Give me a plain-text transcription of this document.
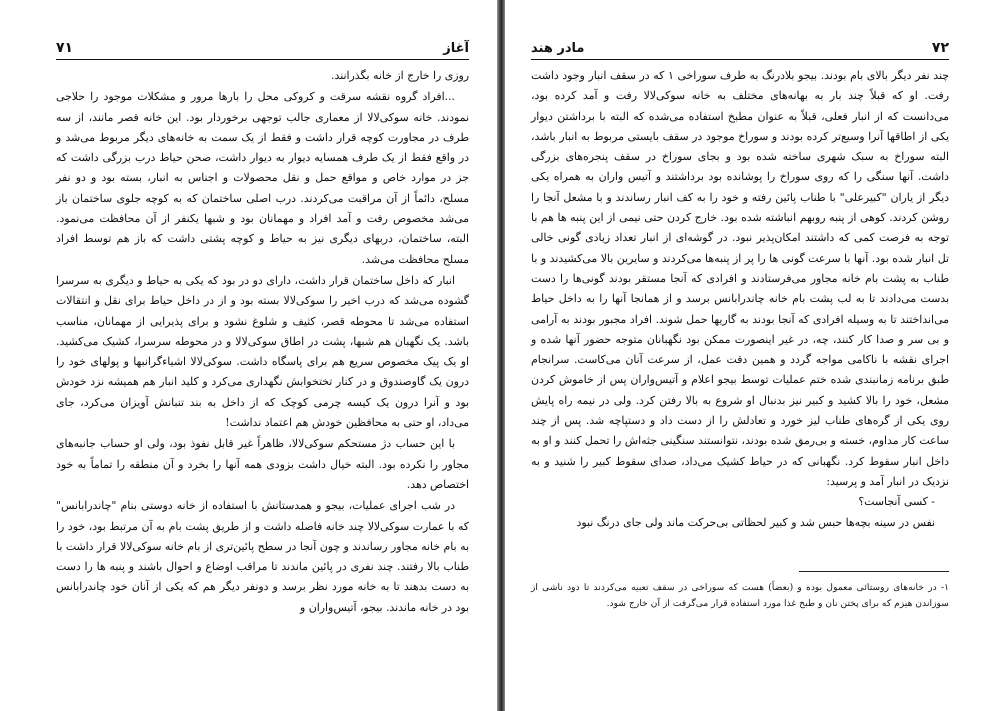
آغاز
۷۱

روزی را خارج از خانه بگذرانند.

...افراد گروه نقشه سرقت و کروکی محل را بارها مرور و مشکلات موجود را حلاجی نمودند. خانه سوکی‌لالا از معماری جالب توجهی برخوردار بود. این خانه قصر مانند، از سه طرف در مجاورت کوچه قرار داشت و فقط از یک سمت به خانه‌های دیگر مربوط می‌شد و در واقع فقط از یک طرف همسایه دیوار به دیوار داشت، صحن حیاط درب بزرگی داشت که جز در موارد خاص و مواقع حمل و نقل محصولات و اجناس به انبار، بسته بود و دو نفر مسلح، دائماً از آن مراقبت می‌کردند. درب اصلی ساختمان که به کوچه جلوی ساختمان باز می‌شد مخصوص رفت و آمد افراد و مهمانان بود و شبها یکنفر از آن محافظت می‌نمود. البته، ساختمان، دربهای دیگری نیز به حیاط و کوچه پشتی داشت که باز هم توسط افراد مسلح محافظت می‌شد.

انبار که داخل ساختمان قرار داشت، دارای دو در بود که یکی به حیاط و دیگری به سرسرا گشوده می‌شد که درب اخیر را سوکی‌لالا بسته بود و از در داخل حیاط برای نقل و انتقالات استفاده می‌شد تا محوطه قصر، کثیف و شلوغ نشود و برای پذیرایی از مهمانان، مناسب باشد. یک نگهبان هم شبها، پشت در اطاق سوکی‌لالا و در محوطه سرسرا، کشیک می‌کشید. او یک پیک مخصوص سریع هم برای پاسگاه داشت. سوکی‌لالا اشیاءگرانبها و پولهای خود را درون یک گاوصندوق و در کنار تختخوابش نگهداری می‌کرد و کلید انبار هم همیشه نزد خودش بود و آنرا درون یک کیسه چرمی کوچک که از داخل به بند تنبانش آویزان می‌کرد، جای می‌داد، او حتی به محافظین خودش هم اعتماد نداشت!

با این حساب دژ مستحکم سوکی‌لالا، ظاهراً غیر قابل نفوذ بود، ولی او حساب جانبه‌های مجاور را نکرده بود. البته خیال داشت بزودی همه آنها را بخرد و آن منطقه را تماماً به خود اختصاص دهد.

در شب اجرای عملیات، بیجو و همدستانش با استفاده از خانه دوستی بنام "چاندرابانس" که با عمارت سوکی‌لالا چند خانه فاصله داشت و از طریق پشت بام به آن مرتبط بود، خود را به بام خانه مجاور رساندند و چون آنجا در سطح پائین‌تری از بام خانه سوکی‌لالا قرار داشت با طناب بالا رفتند. چند نفری در پائین ماندند تا مراقب اوضاع و احوال باشند و پنبه ها را دست به دست بدهند تا به خانه مورد نظر برسد و دونفر دیگر هم که یکی از آنان خود چاندرابانس بود در خانه ماندند. بیجو، آتیس‌واران و

۷۲
مادر هند

چند نفر دیگر بالای بام بودند. بیجو بلادرنگ به طرف سوراخی ۱ که در سقف انبار وجود داشت رفت. او که قبلاً چند بار به بهانه‌های مختلف به خانه سوکی‌لالا رفت و آمد کرده بود، می‌دانست که از انبار فعلی، قبلاً به عنوان مطبخ استفاده می‌شده که البته با برداشتن دیوار یکی از اطاقها آنرا وسیع‌تر کرده بودند و سوراخ موجود در سقف بایستی مربوط به انبار باشد، البته سوراخ به سبک شهری ساخته شده بود و بجای سوراخ در سقف پنجره‌های بزرگی داشت. آنها سنگی را که روی سوراخ را پوشانده بود برداشتند و آتیس واران به همراه یکی دیگر از یاران "کبیرعلی" با طناب پائین رفته و خود را به کف انبار رساندند و با مشعل آنجا را روشن کردند. کوهی از پنبه روبهم انباشته شده بود. خارج کردن حتی نیمی از این پنبه ها هم با توجه به فرصت کمی که داشتند امکان‌پذیر نبود. در گوشه‌ای از انبار تعداد زیادی گونی خالی تل انبار شده بود. آنها با سرعت گونی ها را پر از پنبه‌ها می‌کردند و سایرین بالا می‌کشیدند و با طناب به پشت بام خانه مجاور می‌فرستادند و افرادی که آنجا مستقر بودند گونی‌ها را دست بدست می‌دادند تا به لب پشت بام خانه چاندرابانس برسد و از همانجا آنها را به داخل حیاط می‌انداختند تا به وسیله افرادی که آنجا بودند به گاریها حمل شوند. افراد مجبور بودند به آرامی و بی سر و صدا کار کنند، چه، در غیر اینصورت ممکن بود نگهبانان متوجه حضور آنها شده و اجرای نقشه با ناکامی مواجه گردد و همین دقت عمل، از سرعت آنان می‌کاست. سرانجام طبق برنامه زمانبندی شده ختم عملیات توسط بیجو اعلام و آتیس‌واران پس از خاموش کردن مشعل، خود را بالا کشید و کبیر نیز بدنبال او شروع به بالا رفتن کرد. ولی در نیمه راه پایش روی یکی از گره‌های طناب لیز خورد و تعادلش را از دست داد و دستپاچه شد. پس از چند ساعت کار مداوم، خسته و بی‌رمق شده بودند، نتوانستند سنگینی جثه‌اش را تحمل کنند و او به داخل انبار سقوط کرد. نگهبانی که در حیاط کشیک می‌داد، صدای سقوط کبیر را شنید و به نزدیک در انبار آمد و پرسید:

- کسی آنجاست؟

نفس در سینه بچه‌ها حبس شد و کبیر لحظاتی بی‌حرکت ماند ولی جای درنگ نبود

۱- در خانه‌های روستائی معمول بوده و (بعضاً) هست که سوراخی در سقف تعبیه می‌کردند تا دود ناشی از سوزاندن هیزم که برای پختن نان و طبخ غذا مورد استفاده قرار می‌گرفت از آن خارج شود.
